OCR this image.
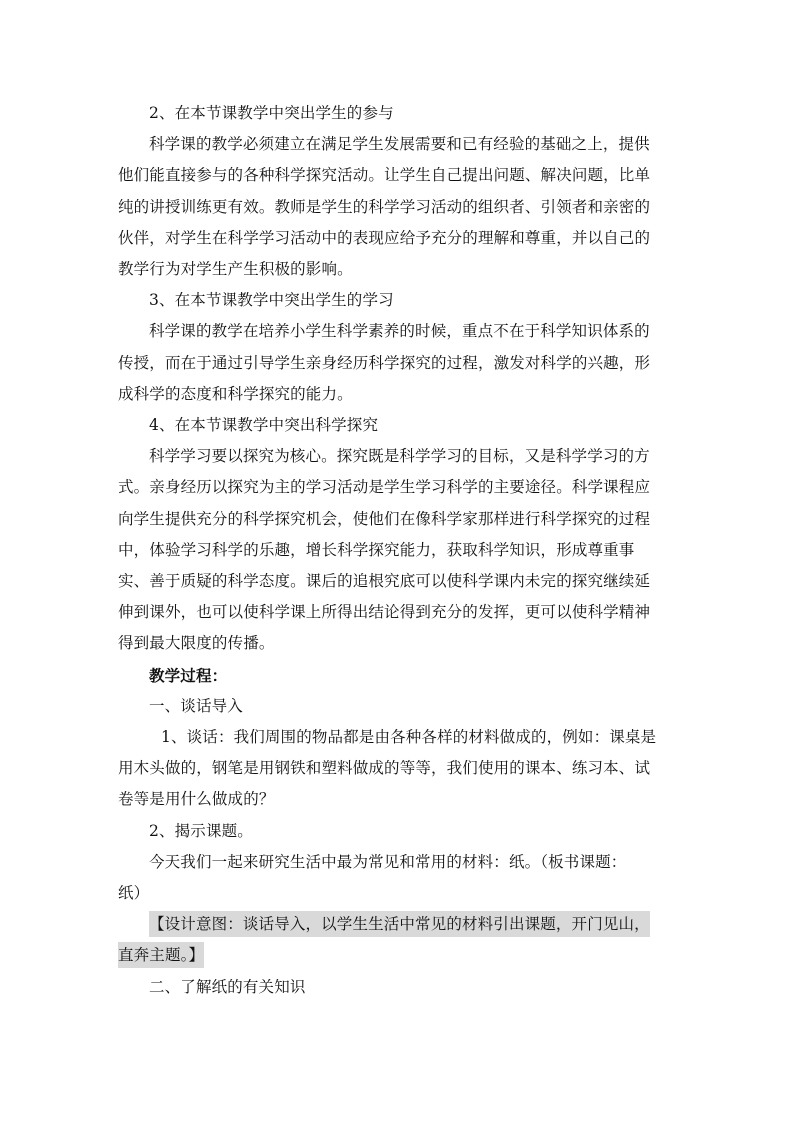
2、在本节课教学中突出学生的参与
科学课的教学必须建立在满足学生发展需要和已有经验的基础之上，提供
他们能直接参与的各种科学探究活动。让学生自己提出问题、解决问题，比单
纯的讲授训练更有效。教师是学生的科学学习活动的组织者、引领者和亲密的
伙伴，对学生在科学学习活动中的表现应给予充分的理解和尊重，并以自己的
教学行为对学生产生积极的影响。
3、在本节课教学中突出学生的学习
科学课的教学在培养小学生科学素养的时候，重点不在于科学知识体系的
传授，而在于通过引导学生亲身经历科学探究的过程，激发对科学的兴趣，形
成科学的态度和科学探究的能力。
4、在本节课教学中突出科学探究
科学学习要以探究为核心。探究既是科学学习的目标，又是科学学习的方
式。亲身经历以探究为主的学习活动是学生学习科学的主要途径。科学课程应
向学生提供充分的科学探究机会，使他们在像科学家那样进行科学探究的过程
中，体验学习科学的乐趣，增长科学探究能力，获取科学知识，形成尊重事
实、善于质疑的科学态度。课后的追根究底可以使科学课内未完的探究继续延
伸到课外，也可以使科学课上所得出结论得到充分的发挥，更可以使科学精神
得到最大限度的传播。
教学过程：
一、谈话导入
1、谈话：我们周围的物品都是由各种各样的材料做成的，例如：课桌是
用木头做的，钢笔是用钢铁和塑料做成的等等，我们使用的课本、练习本、试
卷等是用什么做成的？
2、揭示课题。
今天我们一起来研究生活中最为常见和常用的材料：纸。（板书课题：
纸）
【设计意图：谈话导入，以学生生活中常见的材料引出课题，开门见山，
直奔主题。】
二、了解纸的有关知识
